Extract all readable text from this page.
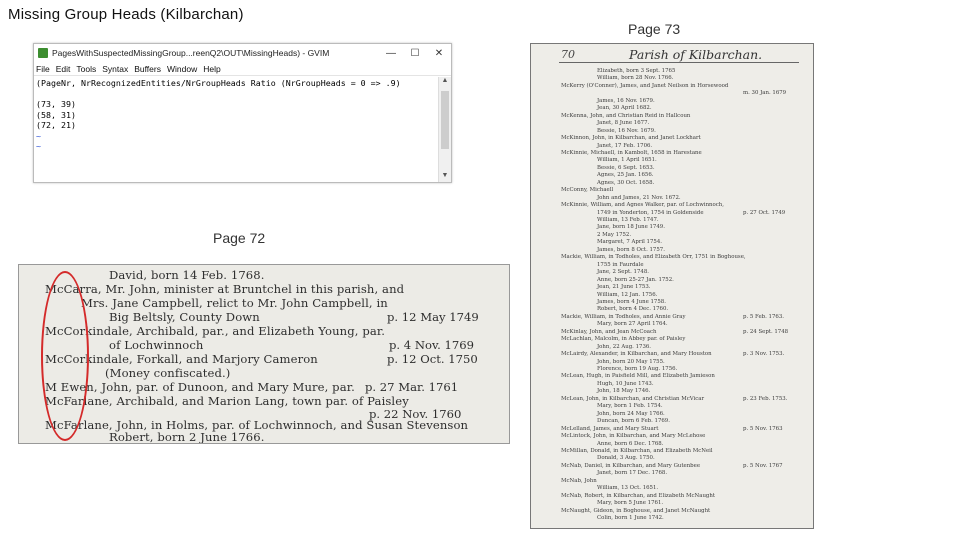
Missing Group Heads (Kilbarchan)
Page 73
Page 72
PagesWithSuspectedMissingGroup...reenQ2\OUT\MissingHeads) - GVIM	—	☐	✕
File Edit Tools Syntax Buffers Window Help
(PageNr, NrRecognizedEntities/NrGroupHeads Ratio (NrGroupHeads = 0 => .9)

(73, 39)
(58, 31)
(72, 21)
~
~
▲
▼
David, born 14 Feb. 1768.
McCarra, Mr. John, minister at Bruntchel in this parish, and
Mrs. Jane Campbell, relict to Mr. John Campbell, in
Big Beltsly, County Down	p. 12 May 1749
McCorkindale, Archibald, par., and Elizabeth Young, par.
of Lochwinnoch	p. 4 Nov. 1769
McCorkindale, Forkall, and Marjory Cameron	p. 12 Oct. 1750
(Money confiscated.)
M Ewen, John, par. of Dunoon, and Mary Mure, par. p. 27 Mar. 1761
McFarlane, Archibald, and Marion Lang, town par. of Paisley
p. 22 Nov. 1760
McFarlane, John, in Holms, par. of Lochwinnoch, and Susan Stevenson
Robert, born 2 June 1766.
70	Parish of Kilbarchan.
Elizabeth, born 3 Sept. 1765
William, born 28 Nov. 1766.
McKerry (O'Conner), James, and Janet Neilson in Horsewood
m. 30 Jan. 1679
James, 16 Nov. 1679.
Jean, 30 April 1682.
McKenna, John, and Christian Reid in Hallcoun
Janet, 8 June 1677.
Bessie, 16 Nov. 1679.
McKinnon, John, in Kilbarchan, and Janet Lockhart
Janet, 17 Feb. 1706.
McKinnie, Michaell, in Kambolt, 1658 in Harestane
William, 1 April 1651.
Bessie, 6 Sept. 1653.
Agnes, 25 Jan. 1656.
Agnes, 30 Oct. 1658.
McConny, Michaell
John and James, 21 Nov. 1672.
McKinnie, William, and Agnes Walker, par. of Lochwinnoch,
1749 in Yonderton, 1754 in Goldenside	p. 27 Oct. 1749
William, 13 Feb. 1747.
Jane, born 18 June 1749.
2 May 1752.
Margaret, 7 April 1754.
James, born 8 Oct. 1757.
Mackie, William, in Todholes, and Elizabeth Orr, 1751 in Boghouse,
1755 in Faurdale
Jane, 2 Sept. 1748.
Anne, born 25-27 Jan. 1752.
Jean, 21 June 1753.
William, 12 Jan. 1756.
James, born 4 June 1758.
Robert, born 4 Dec. 1760.
Mackie, William, in Todholes, and Annie Gray	p. 5 Feb. 1763.
Mary, born 27 April 1764.
McKinlay, John, and Jean McCoach	p. 24 Sept. 1748
McLachlan, Malcolm, in Abbey par. of Paisley
John, 22 Aug. 1736.
McLairdy, Alexander, in Kilbarchan, and Mary Houston	p. 3 Nov. 1753.
John, born 20 May 1755.
Florence, born 19 Aug. 1756.
McLean, Hugh, in Paisfield Mill, and Elizabeth Jamieson
Hugh, 10 June 1743.
John, 18 May 1746.
McLean, John, in Kilbarchan, and Christian McVicar	p. 23 Feb. 1753.
Mary, born 1 Feb. 1754.
John, born 24 May 1766.
Duncan, born 6 Feb. 1769.
McLelland, James, and Mary Stuart	p. 5 Nov. 1763
McLintock, John, in Kilbarchan, and Mary McLehose
Anne, born 6 Dec. 1768.
McMillan, Donald, in Kilbarchan, and Elizabeth McNeil
Donald, 3 Aug. 1750.
McNab, Daniel, in Kilbarchan, and Mary Gutenbee	p. 5 Nov. 1767
Janet, born 17 Dec. 1768.
McNab, John
William, 13 Oct. 1651.
McNab, Robert, in Kilbarchan, and Elizabeth McNaught
Mary, born 5 June 1761.
McNaught, Gideon, in Boghouse, and Janet McNaught
Colin, born 1 June 1742.
